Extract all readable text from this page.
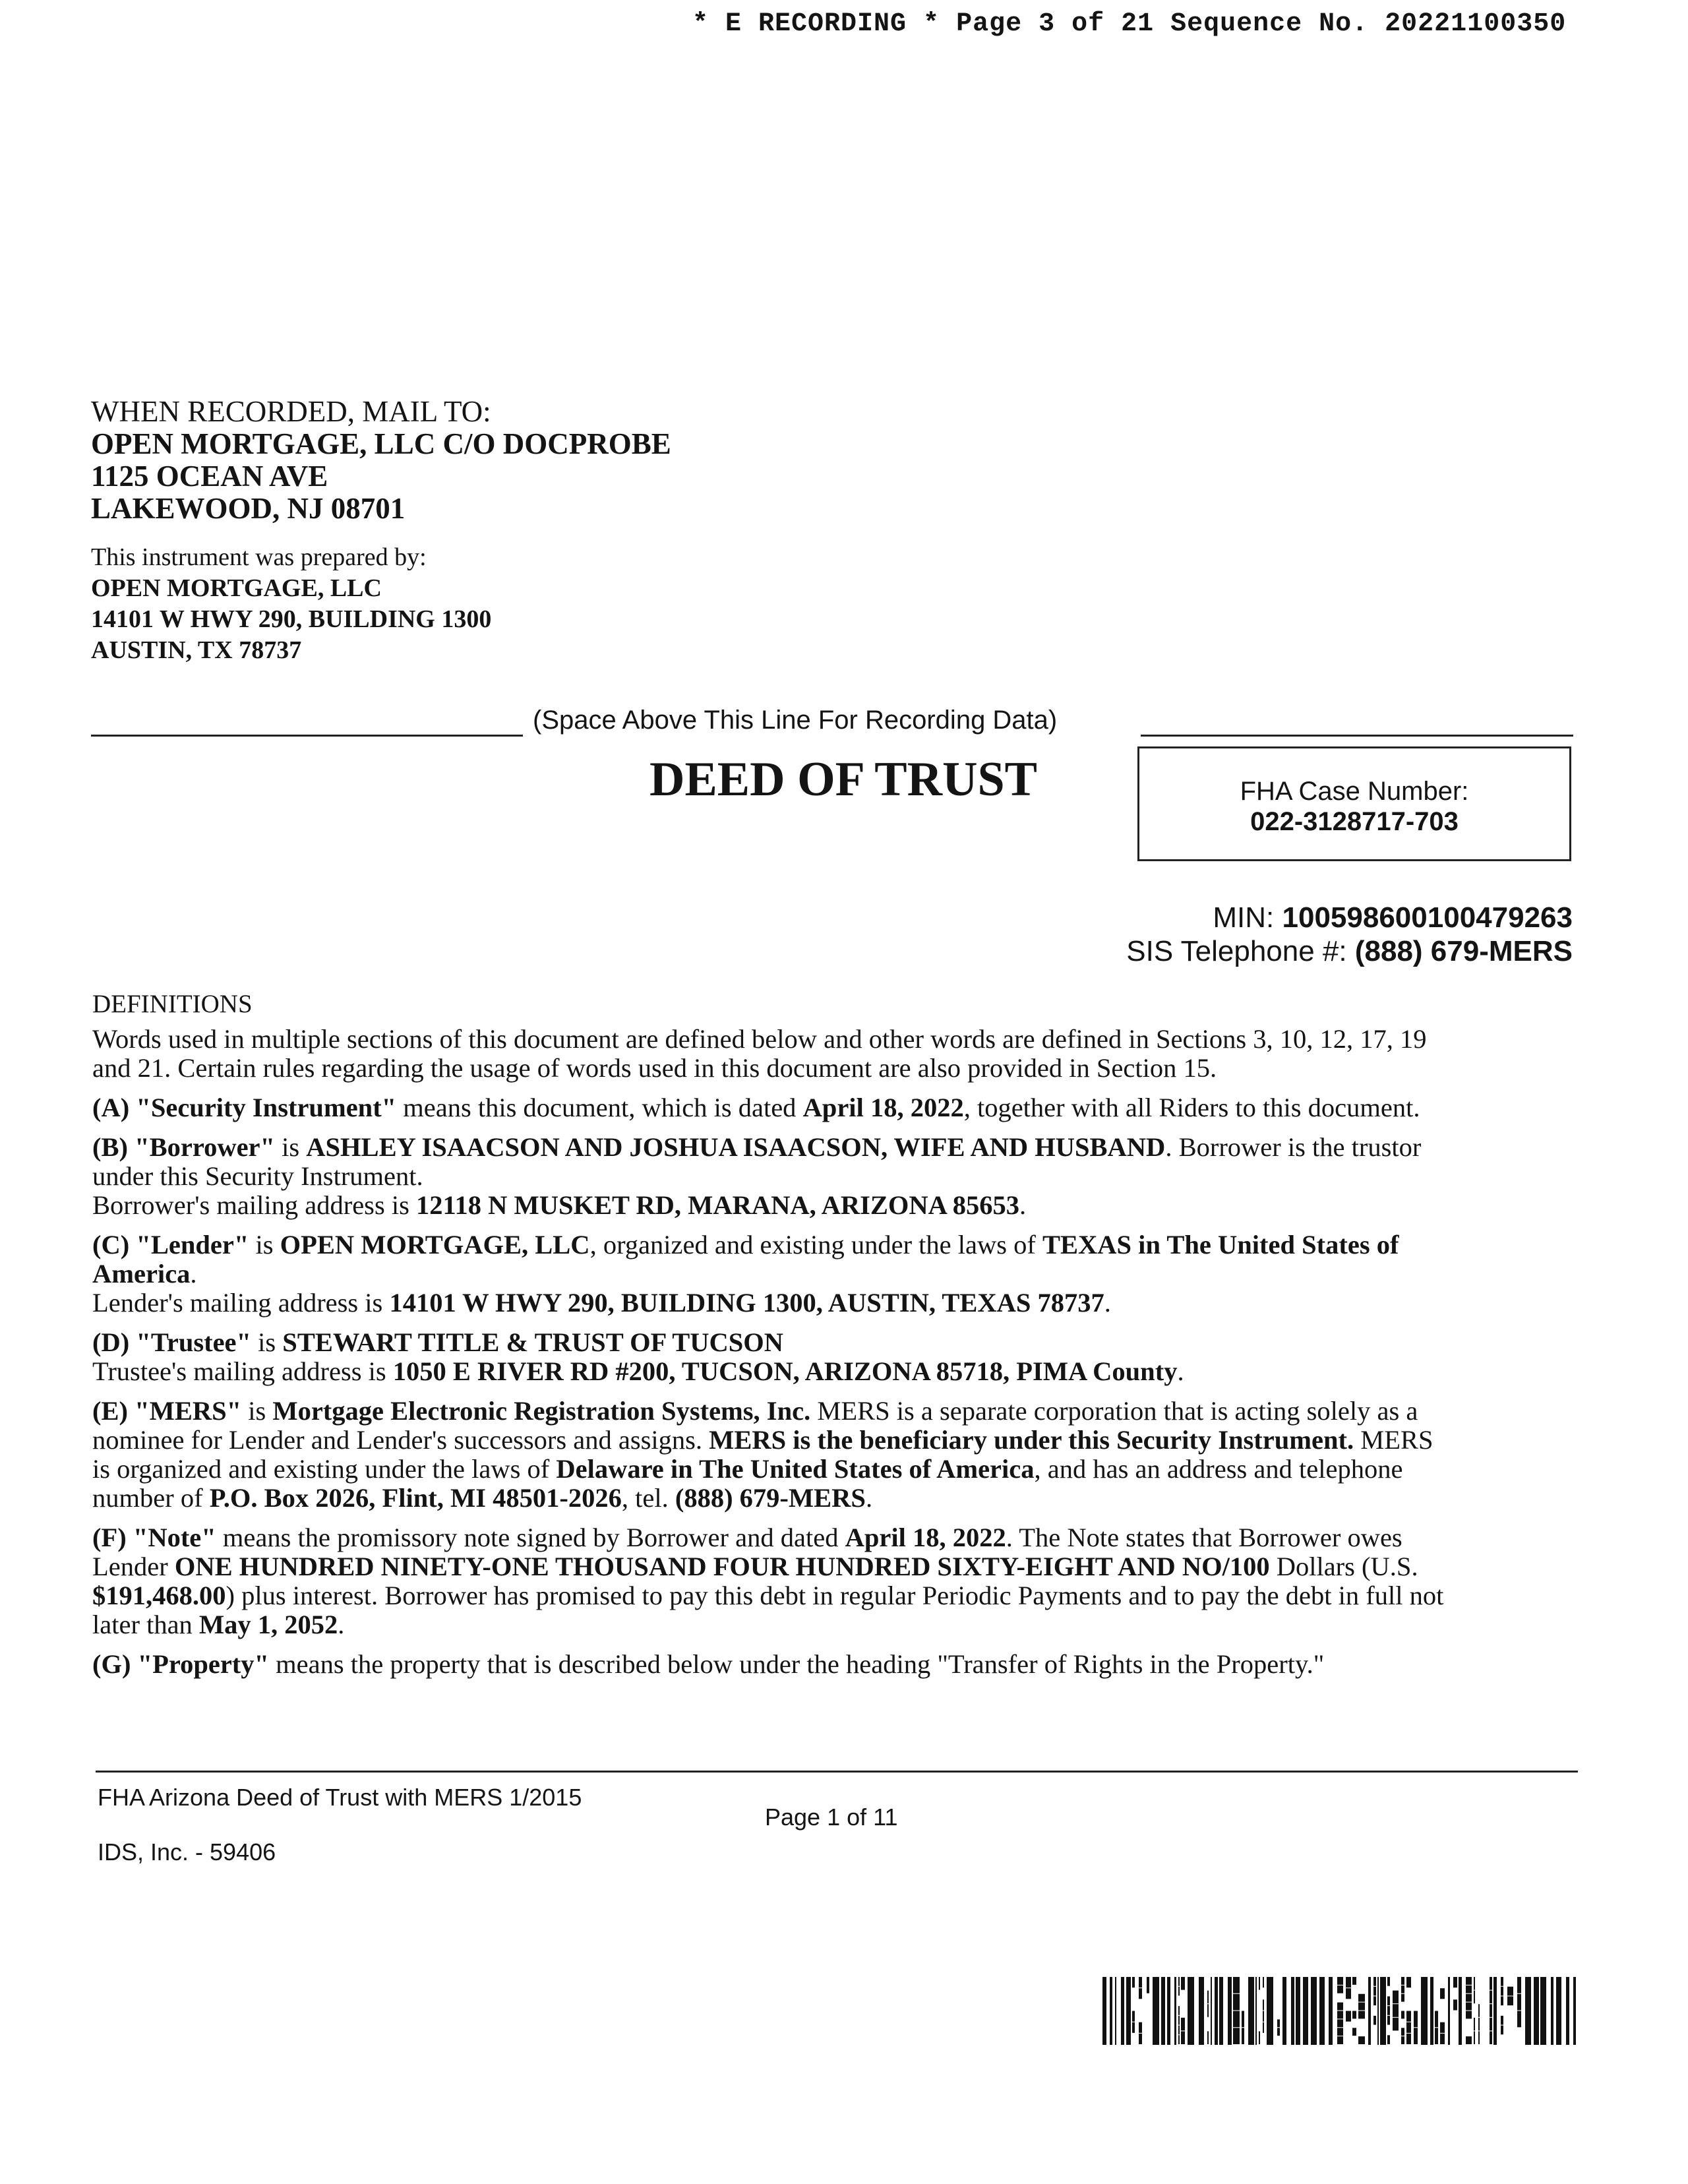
* E RECORDING * Page 3 of 21 Sequence No. 20221100350
WHEN RECORDED, MAIL TO:
OPEN MORTGAGE, LLC C/O DOCPROBE
1125 OCEAN AVE
LAKEWOOD, NJ 08701
This instrument was prepared by:
OPEN MORTGAGE, LLC
14101 W HWY 290, BUILDING 1300
AUSTIN, TX 78737
(Space Above This Line For Recording Data)
DEED OF TRUST	FHA Case Number:
022-3128717-703
MIN: 100598600100479263
SIS Telephone #: (888) 679-MERS
DEFINITIONS

Words used in multiple sections of this document are defined below and other words are defined in Sections 3, 10, 12, 17, 19
and 21. Certain rules regarding the usage of words used in this document are also provided in Section 15.

(A) "Security Instrument" means this document, which is dated April 18, 2022, together with all Riders to this document.

(B) "Borrower" is ASHLEY ISAACSON AND JOSHUA ISAACSON, WIFE AND HUSBAND. Borrower is the trustor
under this Security Instrument.
Borrower's mailing address is 12118 N MUSKET RD, MARANA, ARIZONA 85653.

(C) "Lender" is OPEN MORTGAGE, LLC, organized and existing under the laws of TEXAS in The United States of
America.
Lender's mailing address is 14101 W HWY 290, BUILDING 1300, AUSTIN, TEXAS 78737.

(D) "Trustee" is STEWART TITLE & TRUST OF TUCSON
Trustee's mailing address is 1050 E RIVER RD #200, TUCSON, ARIZONA 85718, PIMA County.

(E) "MERS" is Mortgage Electronic Registration Systems, Inc. MERS is a separate corporation that is acting solely as a
nominee for Lender and Lender's successors and assigns. MERS is the beneficiary under this Security Instrument. MERS
is organized and existing under the laws of Delaware in The United States of America, and has an address and telephone
number of P.O. Box 2026, Flint, MI 48501-2026, tel. (888) 679-MERS.

(F) "Note" means the promissory note signed by Borrower and dated April 18, 2022. The Note states that Borrower owes
Lender ONE HUNDRED NINETY-ONE THOUSAND FOUR HUNDRED SIXTY-EIGHT AND NO/100 Dollars (U.S.
$191,468.00) plus interest. Borrower has promised to pay this debt in regular Periodic Payments and to pay the debt in full not
later than May 1, 2052.

(G) "Property" means the property that is described below under the heading "Transfer of Rights in the Property."

FHA Arizona Deed of Trust with MERS 1/2015
Page 1 of 11
IDS, Inc. - 59406
